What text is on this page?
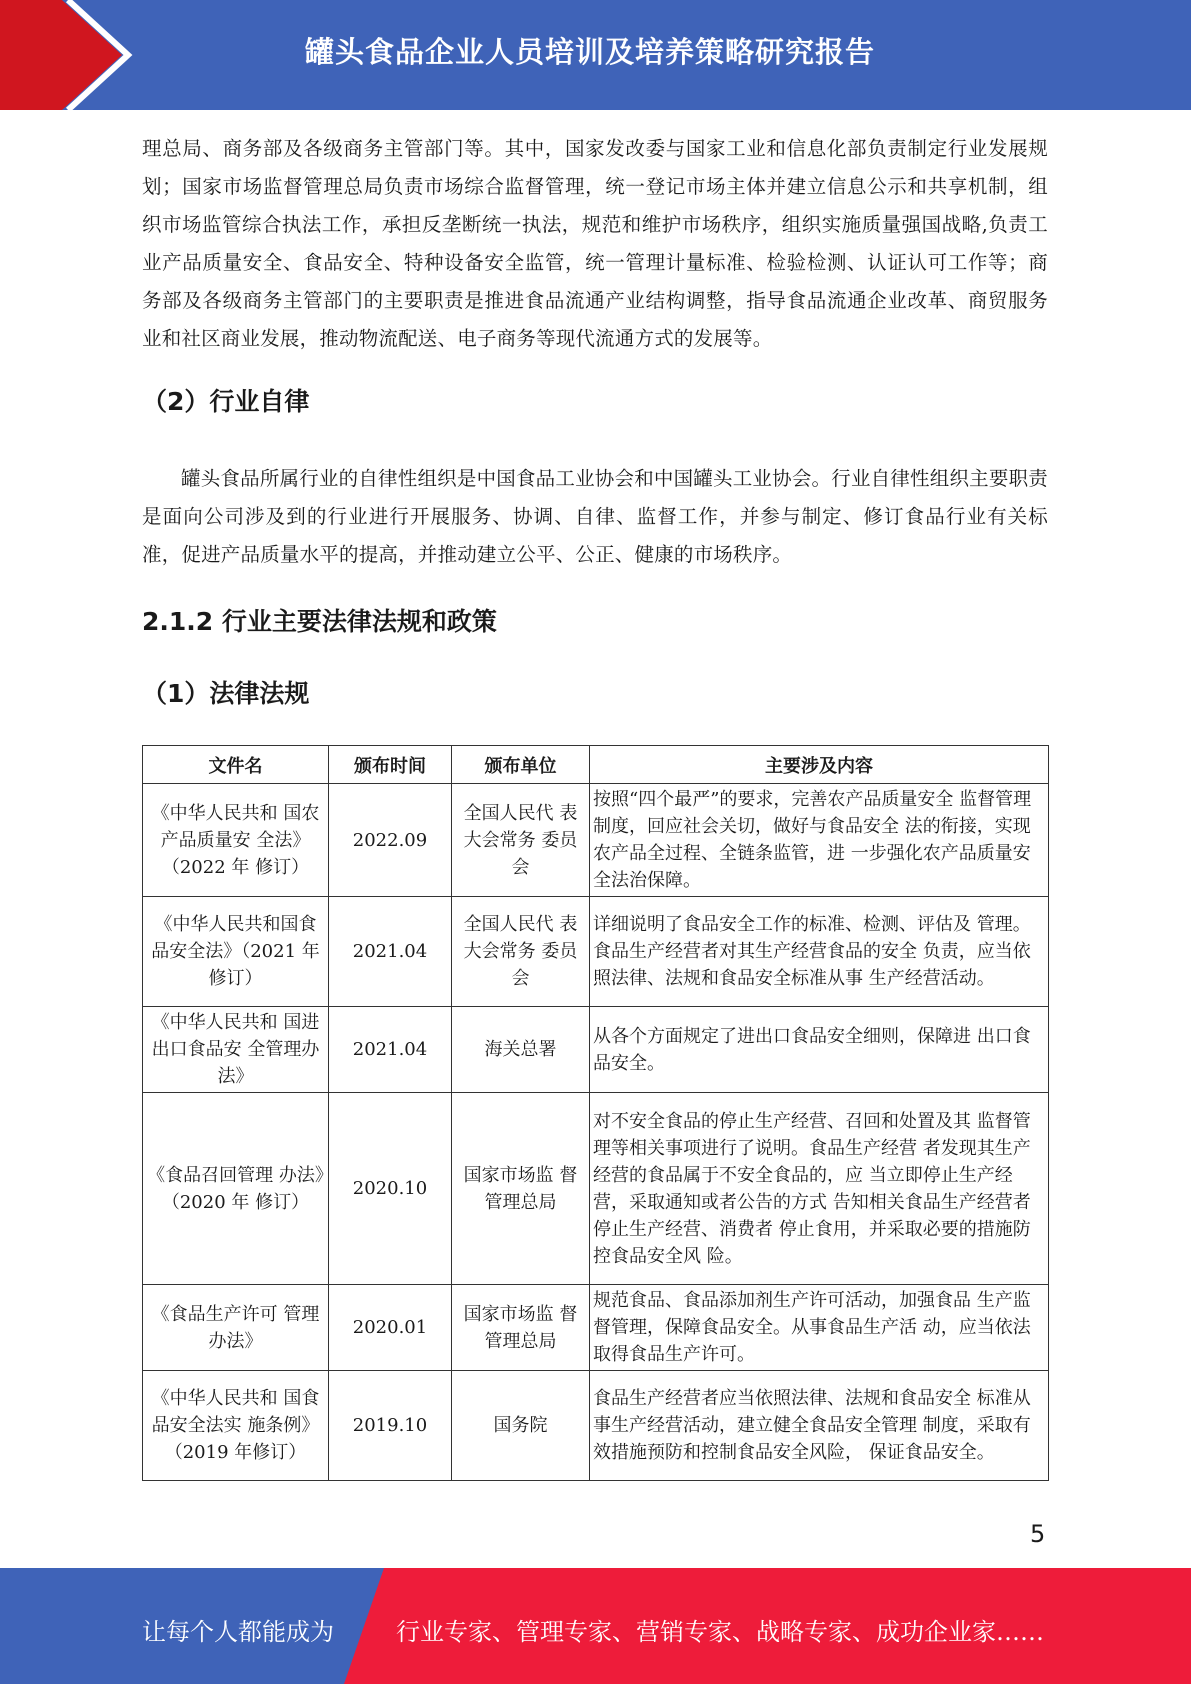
罐头食品企业人员培训及培养策略研究报告

理总局、商务部及各级商务主管部门等。其中，国家发改委与国家工业和信息化部负责制定行业发展规划；国家市场监督管理总局负责市场综合监督管理，统一登记市场主体并建立信息公示和共享机制，组织市场监管综合执法工作，承担反垄断统一执法，规范和维护市场秩序，组织实施质量强国战略,负责工业产品质量安全、食品安全、特种设备安全监管，统一管理计量标准、检验检测、认证认可工作等；商务部及各级商务主管部门的主要职责是推进食品流通产业结构调整，指导食品流通企业改革、商贸服务业和社区商业发展，推动物流配送、电子商务等现代流通方式的发展等。

（2）行业自律

罐头食品所属行业的自律性组织是中国食品工业协会和中国罐头工业协会。行业自律性组织主要职责是面向公司涉及到的行业进行开展服务、协调、自律、监督工作，并参与制定、修订食品行业有关标准，促进产品质量水平的提高，并推动建立公平、公正、健康的市场秩序。

2.1.2 行业主要法律法规和政策

（1）法律法规

文件名	颁布时间	颁布单位	主要涉及内容
《中华人民共和 国农产品质量安 全法》（2022 年 修订）	2022.09	全国人民代 表大会常务 委员会	按照“四个最严”的要求，完善农产品质量安全 监督管理制度，回应社会关切，做好与食品安全 法的衔接，实现农产品全过程、全链条监管，进 一步强化农产品质量安全法治保障。
《中华人民共和国食品安全法》（2021 年修订）	2021.04	全国人民代 表大会常务 委员会	详细说明了食品安全工作的标准、检测、评估及 管理。食品生产经营者对其生产经营食品的安全 负责，应当依照法律、法规和食品安全标准从事 生产经营活动。
《中华人民共和 国进出口食品安 全管理办法》	2021.04	海关总署	从各个方面规定了进出口食品安全细则，保障进 出口食品安全。
《食品召回管理 办法》（2020 年 修订）	2020.10	国家市场监 督管理总局	对不安全食品的停止生产经营、召回和处置及其 监督管理等相关事项进行了说明。食品生产经营 者发现其生产经营的食品属于不安全食品的，应 当立即停止生产经营，采取通知或者公告的方式 告知相关食品生产经营者停止生产经营、消费者 停止食用，并采取必要的措施防控食品安全风 险。
《食品生产许可 管理办法》	2020.01	国家市场监 督管理总局	规范食品、食品添加剂生产许可活动，加强食品 生产监督管理，保障食品安全。从事食品生产活 动，应当依法取得食品生产许可。
《中华人民共和 国食品安全法实 施条例》（2019 年修订）	2019.10	国务院	食品生产经营者应当依照法律、法规和食品安全 标准从事生产经营活动，建立健全食品安全管理 制度，采取有效措施预防和控制食品安全风险， 保证食品安全。
5
让每个人都能成为	行业专家、管理专家、营销专家、战略专家、成功企业家……
